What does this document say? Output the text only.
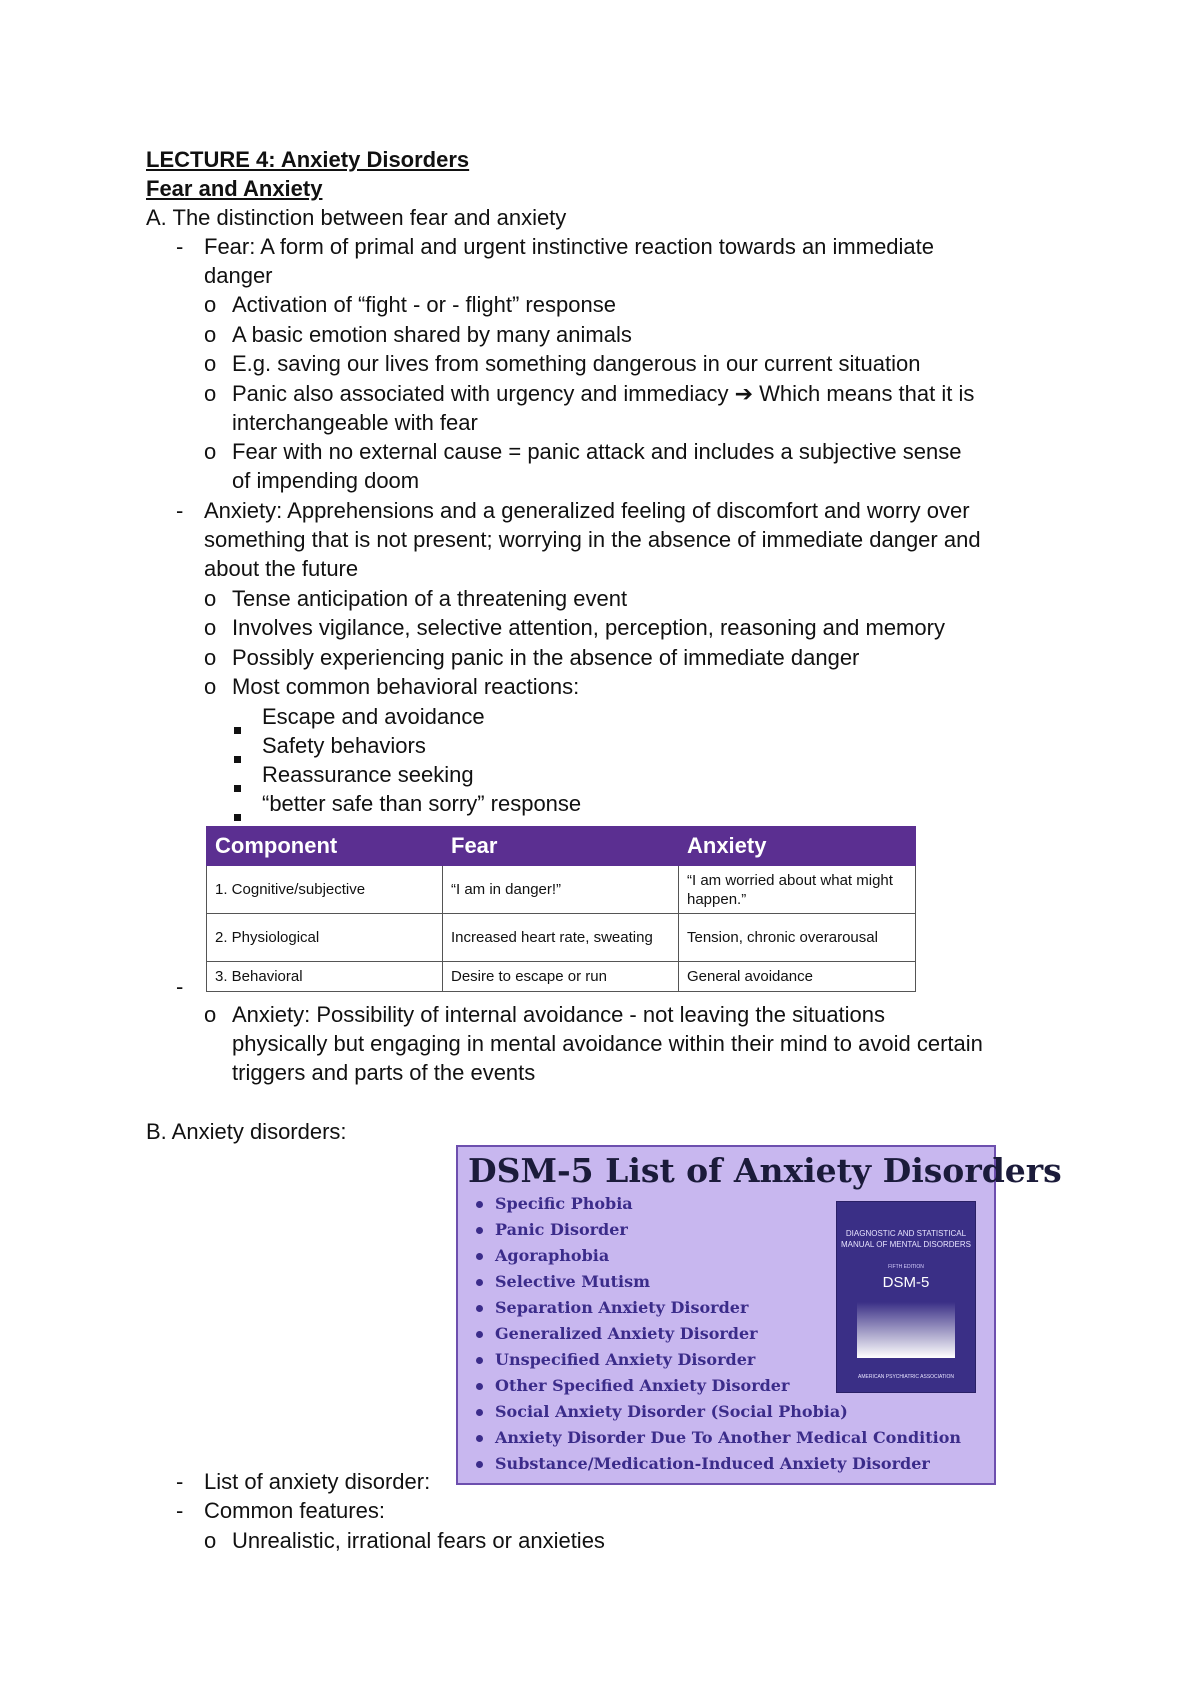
LECTURE 4: Anxiety Disorders
Fear and Anxiety
A. The distinction between fear and anxiety
- Fear: A form of primal and urgent instinctive reaction towards an immediate
danger
o Activation of “fight - or - flight” response
o A basic emotion shared by many animals
o E.g. saving our lives from something dangerous in our current situation
o Panic also associated with urgency and immediacy ➔ Which means that it is
interchangeable with fear
o Fear with no external cause = panic attack and includes a subjective sense
of impending doom
- Anxiety: Apprehensions and a generalized feeling of discomfort and worry over
something that is not present; worrying in the absence of immediate danger and
about the future
o Tense anticipation of a threatening event
o Involves vigilance, selective attention, perception, reasoning and memory
o Possibly experiencing panic in the absence of immediate danger
o Most common behavioral reactions:
Escape and avoidance
Safety behaviors
Reassurance seeking
“better safe than sorry” response
Component	Fear	Anxiety
1. Cognitive/subjective	“I am in danger!”	“I am worried about what might happen.”
2. Physiological	Increased heart rate, sweating	Tension, chronic overarousal
3. Behavioral	Desire to escape or run	General avoidance
-
o Anxiety: Possibility of internal avoidance - not leaving the situations
physically but engaging in mental avoidance within their mind to avoid certain
triggers and parts of the events
B. Anxiety disorders:
DSM-5 List of Anxiety Disorders
Specific Phobia
Panic Disorder
Agoraphobia
Selective Mutism
Separation Anxiety Disorder
Generalized Anxiety Disorder
Unspecified Anxiety Disorder
Other Specified Anxiety Disorder
Social Anxiety Disorder (Social Phobia)
Anxiety Disorder Due To Another Medical Condition
Substance/Medication-Induced Anxiety Disorder
DIAGNOSTIC AND STATISTICAL MANUAL OF MENTAL DISORDERS
FIFTH EDITION
DSM-5
AMERICAN PSYCHIATRIC ASSOCIATION
- List of anxiety disorder:
- Common features:
o Unrealistic, irrational fears or anxieties
